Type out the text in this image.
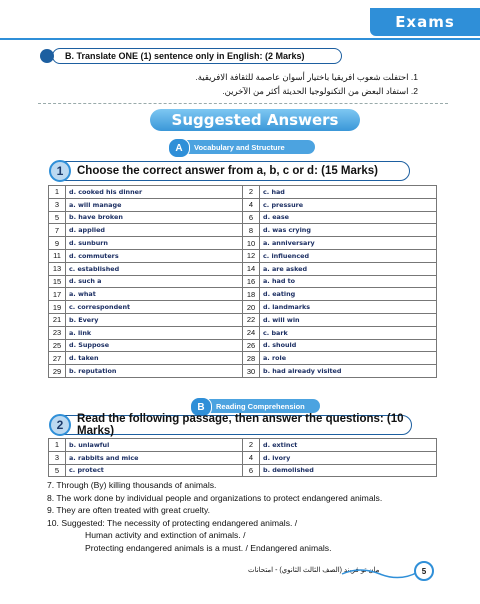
Exams
B. Translate ONE (1) sentence only in English: (2 Marks)
1. احتفلت شعوب افريقيا باختيار أسوان عاصمة للثقافة الافريقية.
2. استفاد البعض من التكنولوجيا الحديثة أكثر من الآخرين.
Suggested Answers
A	Vocabulary and Structure
1	Choose the correct answer from a, b, c or d: (15 Marks)
1	d. cooked his dinner	2	c. had
3	a. will manage	4	c. pressure
5	b. have broken	6	d. ease
7	d. applied	8	d. was crying
9	d. sunburn	10	a. anniversary
11	d. commuters	12	c. influenced
13	c. established	14	a. are asked
15	d. such a	16	a. had to
17	a. what	18	d. eating
19	c. correspondent	20	d. landmarks
21	b. Every	22	d. will win
23	a. link	24	c. bark
25	d. Suppose	26	d. should
27	d. taken	28	a. role
29	b. reputation	30	b. had already visited
B	Reading Comprehension
2	Read the following passage, then answer the questions: (10 Marks)
1	b. unlawful	2	d. extinct
3	a. rabbits and mice	4	d. ivory
5	c. protect	6	b. demolished
7. Through (By) killing thousands of animals.
8. The work done by individual people and organizations to protect endangered animals.
9. They are often treated with great cruelty.
10. Suggested: The necessity of protecting endangered animals. /
Human activity and extinction of animals. /
Protecting endangered animals is a must. / Endangered animals.
مان تو فريند (الصف الثالث الثانوي) - امتحانات	5
